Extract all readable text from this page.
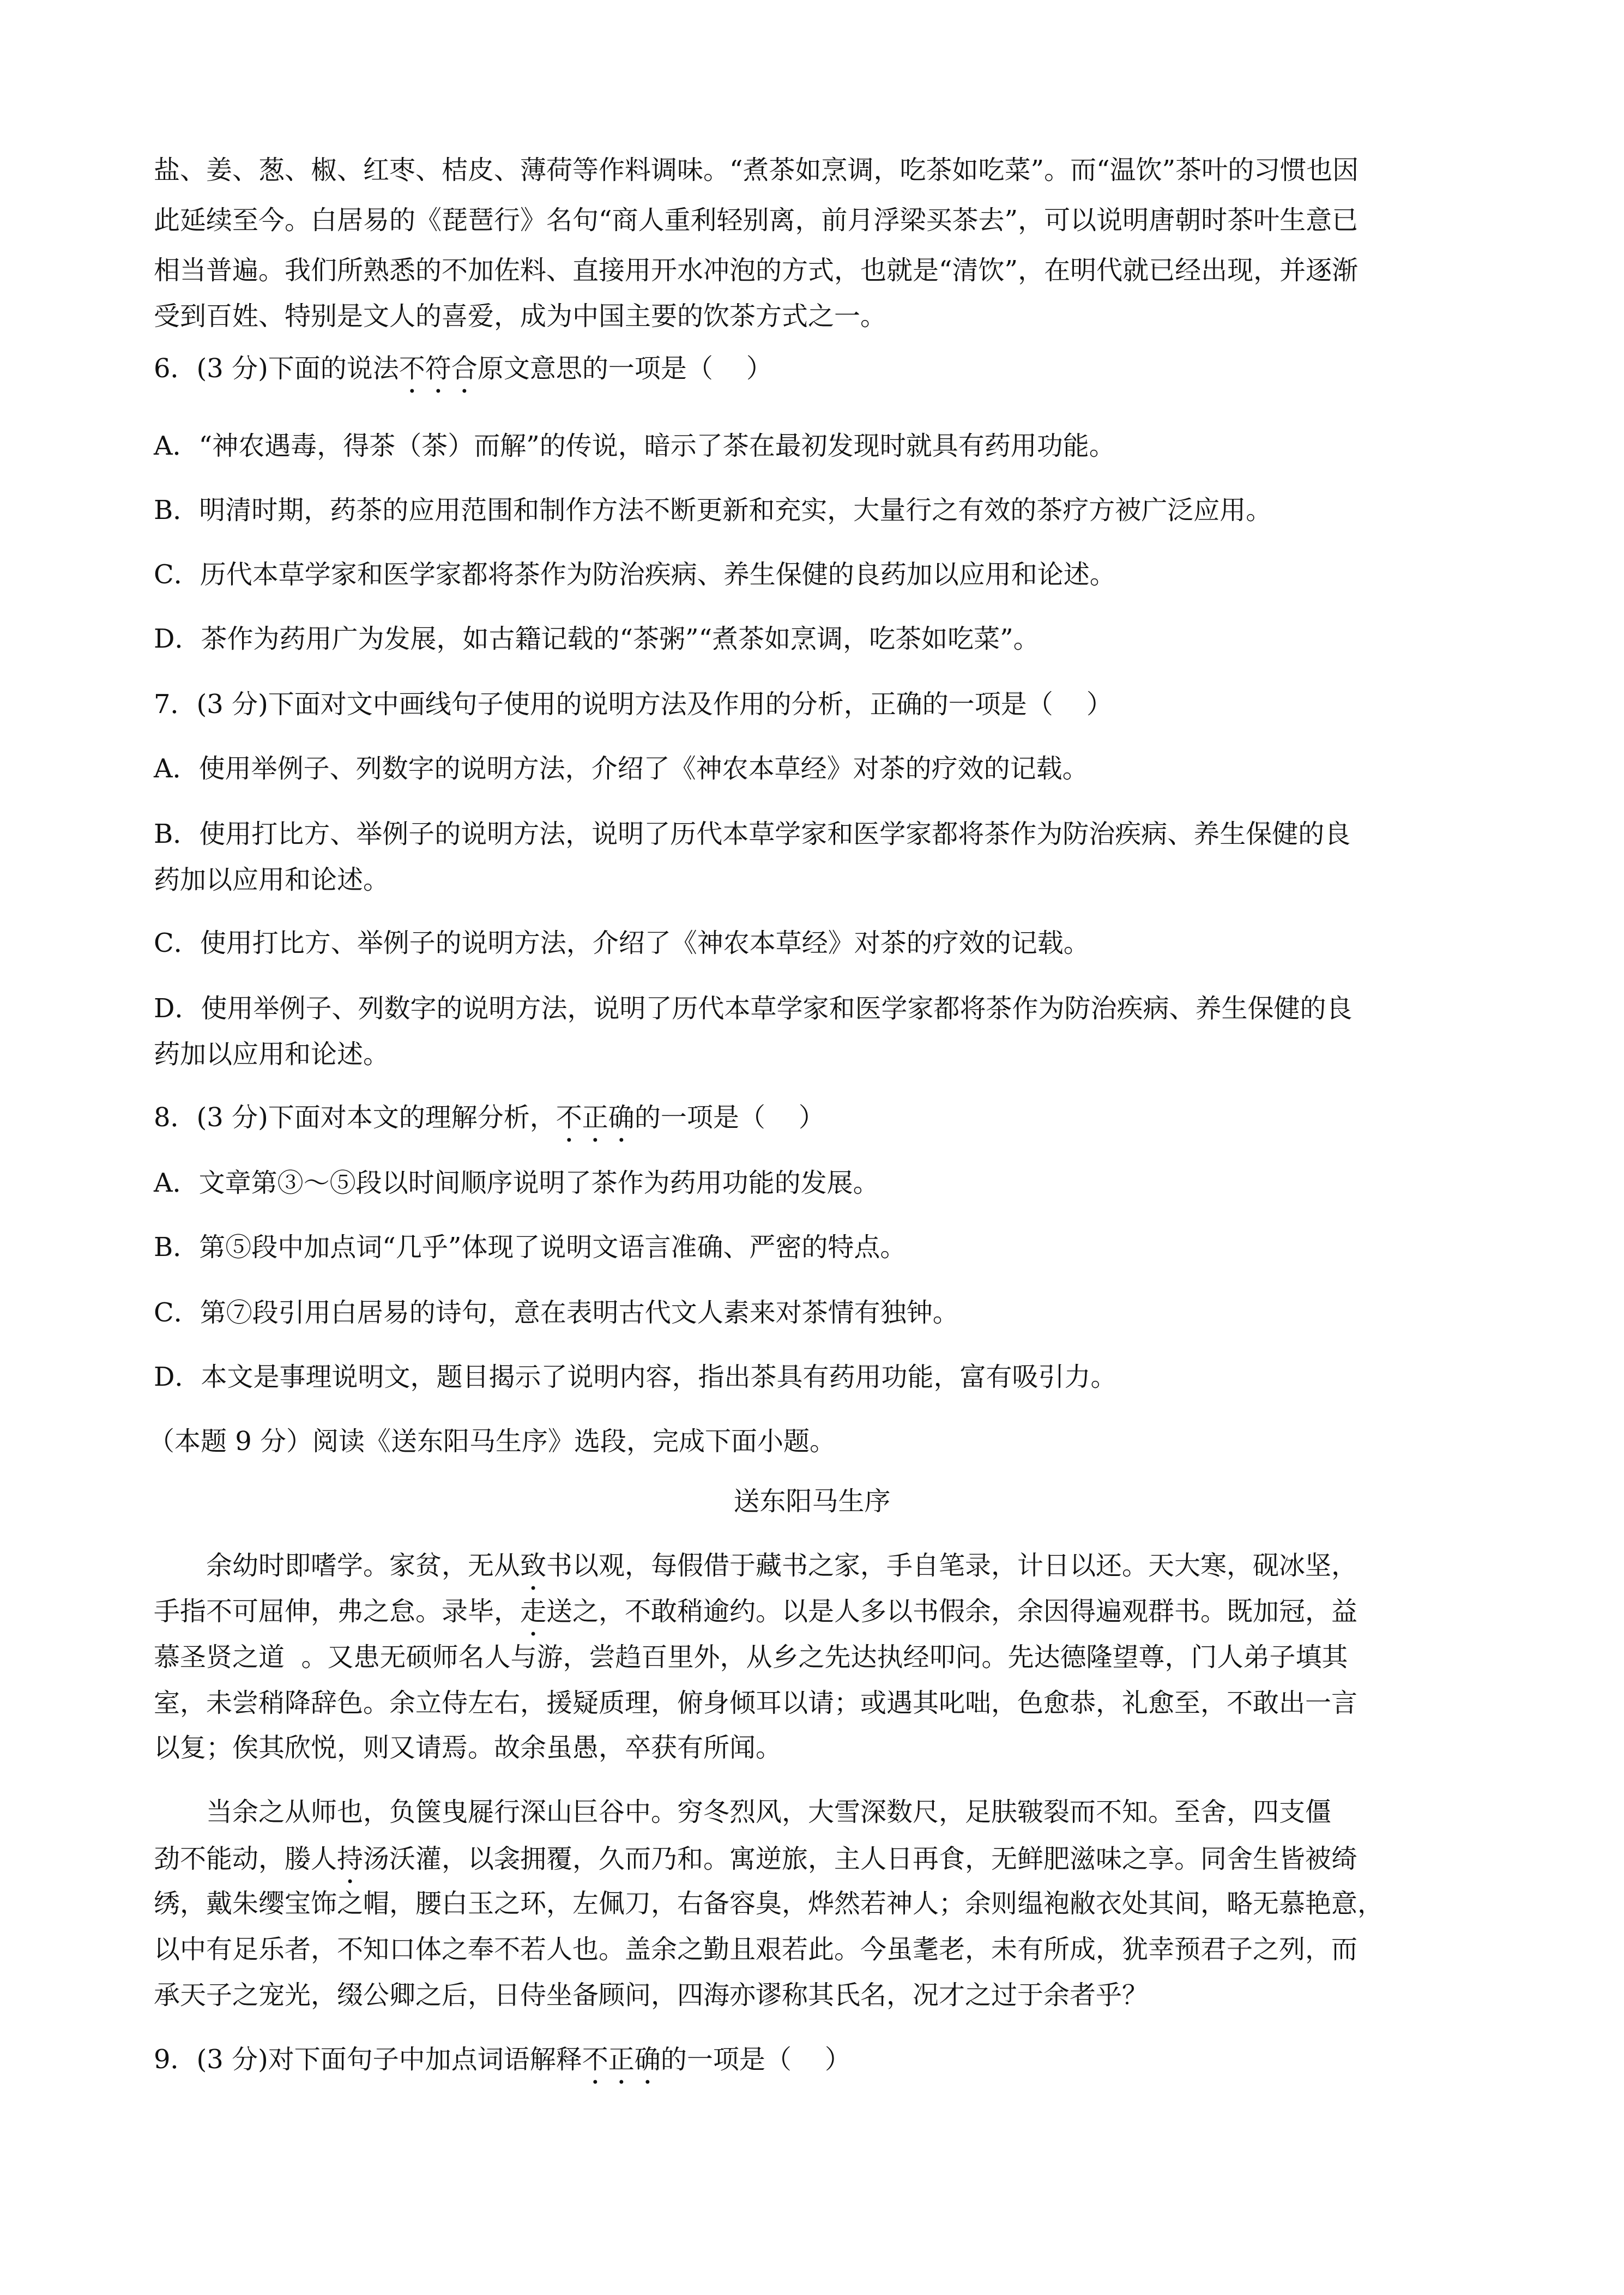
盐、姜、葱、椒、红枣、桔皮、薄荷等作料调味。“煮茶如烹调，吃茶如吃菜”。而“温饮”茶叶的习惯也因

此延续至今。白居易的《琵琶行》名句“商人重利轻别离，前月浮梁买茶去”，可以说明唐朝时茶叶生意已

相当普遍。我们所熟悉的不加佐料、直接用开水冲泡的方式，也就是“清饮”，在明代就已经出现，并逐渐

受到百姓、特别是文人的喜爱，成为中国主要的饮茶方式之一。

6．(3 分)下面的说法不符合原文意思的一项是（    ）

A．“神农遇毒，得茶（茶）而解”的传说，暗示了茶在最初发现时就具有药用功能。

B．明清时期，药茶的应用范围和制作方法不断更新和充实，大量行之有效的茶疗方被广泛应用。

C．历代本草学家和医学家都将茶作为防治疾病、养生保健的良药加以应用和论述。

D．茶作为药用广为发展，如古籍记载的“茶粥”“煮茶如烹调，吃茶如吃菜”。

7．(3 分)下面对文中画线句子使用的说明方法及作用的分析，正确的一项是（    ）

A．使用举例子、列数字的说明方法，介绍了《神农本草经》对茶的疗效的记载。

B．使用打比方、举例子的说明方法，说明了历代本草学家和医学家都将茶作为防治疾病、养生保健的良

药加以应用和论述。

C．使用打比方、举例子的说明方法，介绍了《神农本草经》对茶的疗效的记载。

D．使用举例子、列数字的说明方法，说明了历代本草学家和医学家都将茶作为防治疾病、养生保健的良

药加以应用和论述。

8．(3 分)下面对本文的理解分析，不正确的一项是（    ）

A．文章第③～⑤段以时间顺序说明了茶作为药用功能的发展。

B．第⑤段中加点词“几乎”体现了说明文语言准确、严密的特点。

C．第⑦段引用白居易的诗句，意在表明古代文人素来对茶情有独钟。

D．本文是事理说明文，题目揭示了说明内容，指出茶具有药用功能，富有吸引力。

（本题 9 分）阅读《送东阳马生序》选段，完成下面小题。

送东阳马生序

余幼时即嗜学。家贫，无从致书以观，每假借于藏书之家，手自笔录，计日以还。天大寒，砚冰坚，

手指不可屈伸，弗之怠。录毕，走送之，不敢稍逾约。以是人多以书假余，余因得遍观群书。既加冠，益

慕圣贤之道  。又患无硕师名人与游，尝趋百里外，从乡之先达执经叩问。先达德隆望尊，门人弟子填其

室，未尝稍降辞色。余立侍左右，援疑质理，俯身倾耳以请；或遇其叱咄，色愈恭，礼愈至，不敢出一言

以复；俟其欣悦，则又请焉。故余虽愚，卒获有所闻。

当余之从师也，负箧曳屣行深山巨谷中。穷冬烈风，大雪深数尺，足肤皲裂而不知。至舍，四支僵

劲不能动，媵人持汤沃灌，以衾拥覆，久而乃和。寓逆旅，主人日再食，无鲜肥滋味之享。同舍生皆被绮

绣，戴朱缨宝饰之帽，腰白玉之环，左佩刀，右备容臭，烨然若神人；余则缊袍敝衣处其间，略无慕艳意，

以中有足乐者，不知口体之奉不若人也。盖余之勤且艰若此。今虽耄老，未有所成，犹幸预君子之列，而

承天子之宠光，缀公卿之后，日侍坐备顾问，四海亦谬称其氏名，况才之过于余者乎？

9．(3 分)对下面句子中加点词语解释不正确的一项是（    ）
